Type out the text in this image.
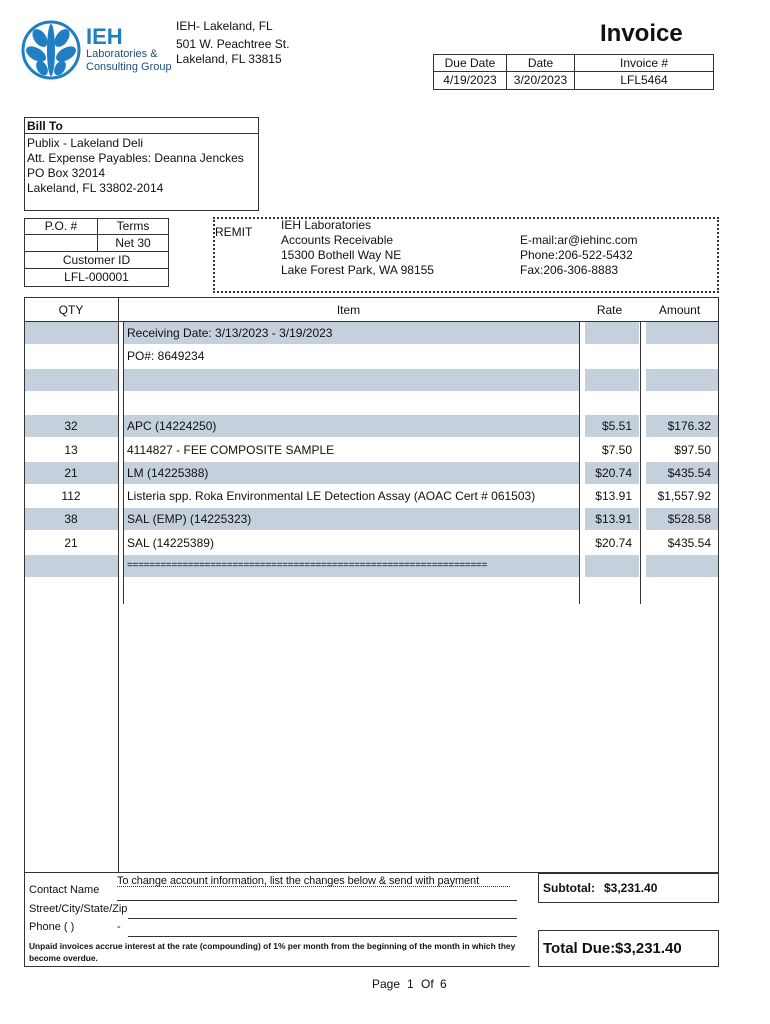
IEH
Laboratories &
Consulting Group
IEH- Lakeland, FL
501 W. Peachtree St.
Lakeland, FL 33815
Invoice
Due Date	Date	Invoice #
4/19/2023	3/20/2023	LFL5464
Bill To
Publix - Lakeland Deli
Att. Expense Payables: Deanna Jenckes
PO Box 32014
Lakeland, FL 33802-2014
P.O. #	Terms
Net 30
Customer ID
LFL-000001
REMIT IEH Laboratories
Accounts Receivable
15300 Bothell Way NE
Lake Forest Park, WA 98155
E-mail:ar@iehinc.com
Phone:206-522-5432
Fax:206-306-8883
QTY	Item	Rate	Amount
Receiving Date: 3/13/2023 - 3/19/2023
PO#: 8649234
32	APC (14224250)	$5.51	$176.32
13	4114827 - FEE COMPOSITE SAMPLE	$7.50	$97.50
21	LM (14225388)	$20.74	$435.54
112	Listeria spp. Roka Environmental LE Detection Assay (AOAC Cert # 061503)	$13.91	$1,557.92
38	SAL (EMP) (14225323)	$13.91	$528.58
21	SAL (14225389)	$20.74	$435.54
=================================================================
To change account information, list the changes below & send with payment
Contact Name
Street/City/State/Zip
Phone ( )	-
Unpaid invoices accrue interest at the rate (compounding) of 1% per month from the beginning of the month in which they
become overdue.
Subtotal: $3,231.40
Total Due: $3,231.40
Page 1 Of 6
